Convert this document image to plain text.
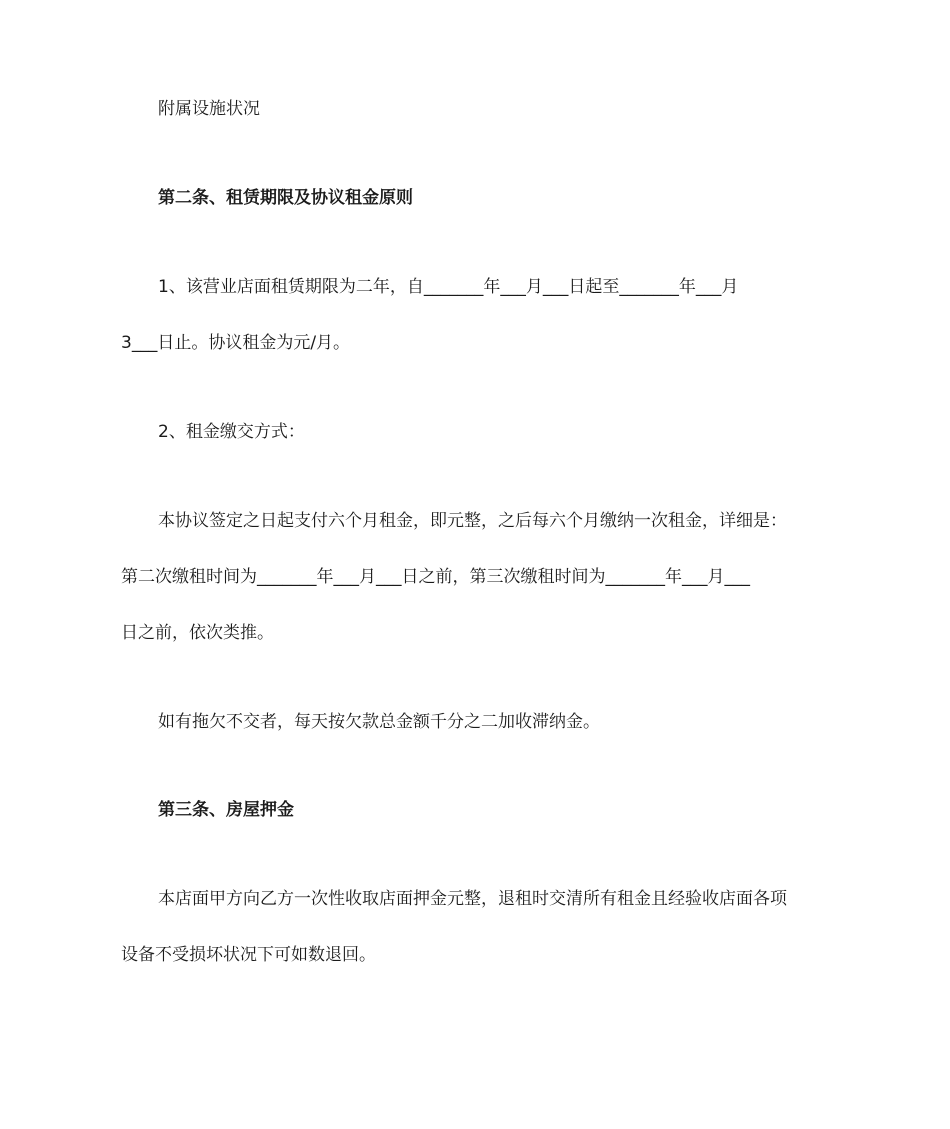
附属设施状况

第二条、租赁期限及协议租金原则

1、该营业店面租赁期限为二年，自_______年___月___日起至_______年___月

3___日止。协议租金为元/月。

2、租金缴交方式：

本协议签定之日起支付六个月租金，即元整，之后每六个月缴纳一次租金，详细是：

第二次缴租时间为_______年___月___日之前，第三次缴租时间为_______年___月___

日之前，依次类推。

如有拖欠不交者，每天按欠款总金额千分之二加收滞纳金。

第三条、房屋押金

本店面甲方向乙方一次性收取店面押金元整，退租时交清所有租金且经验收店面各项

设备不受损坏状况下可如数退回。
